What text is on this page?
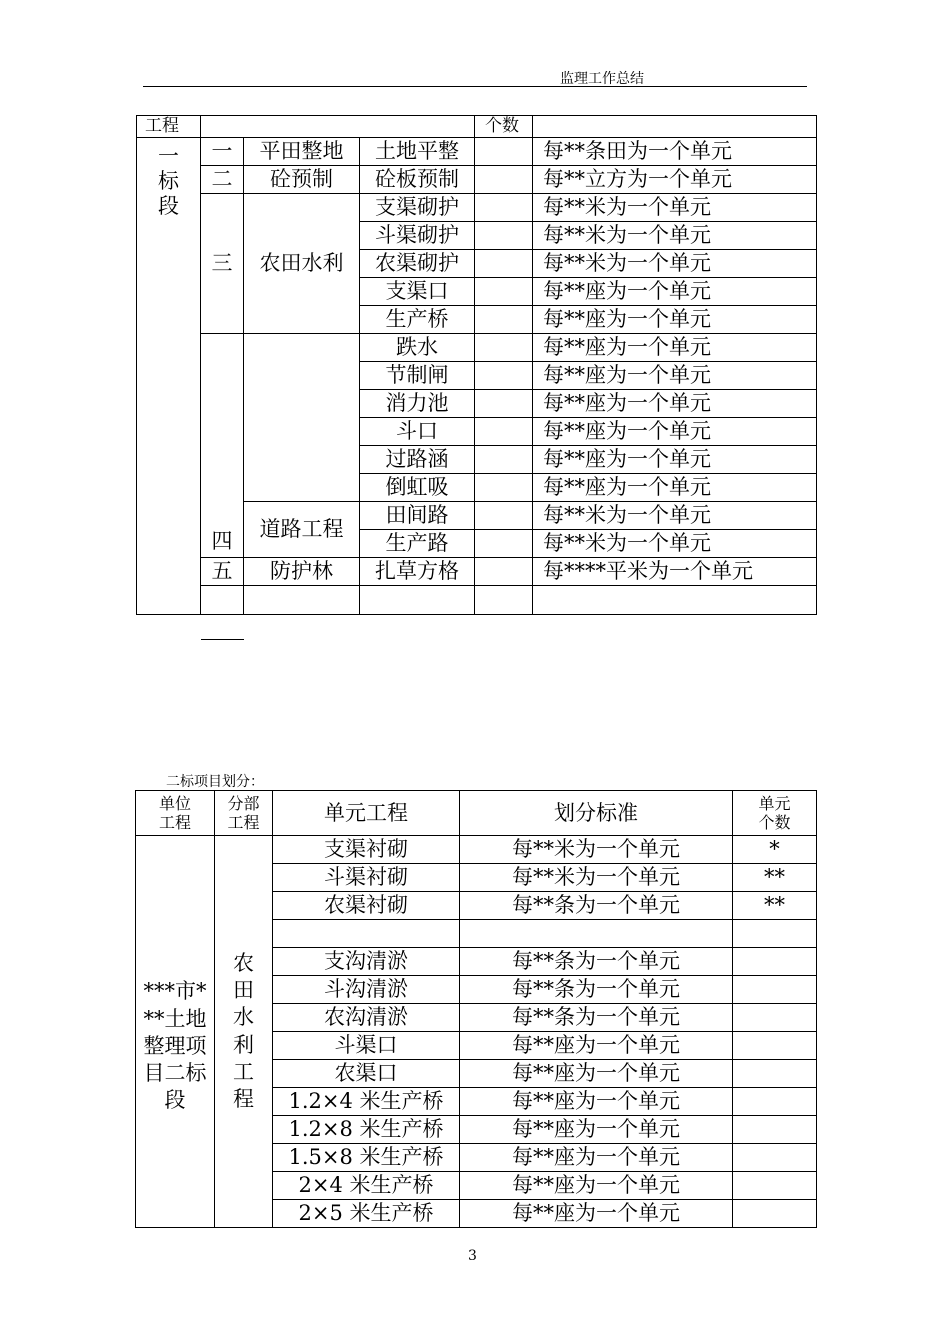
监理工作总结
工程				个数	
一标段	一	平田整地	土地平整		每**条田为一个单元
	二	砼预制	砼板预制		每**立方为一个单元
	三	农田水利	支渠砌护		每**米为一个单元
			斗渠砌护		每**米为一个单元
			农渠砌护		每**米为一个单元
			支渠口		每**座为一个单元
			生产桥		每**座为一个单元
	四		跌水		每**座为一个单元
			节制闸		每**座为一个单元
			消力池		每**座为一个单元
			斗口		每**座为一个单元
			过路涵		每**座为一个单元
			倒虹吸		每**座为一个单元
		道路工程	田间路		每**米为一个单元
			生产路		每**米为一个单元
	五	防护林	扎草方格		每****平米为一个单元

二标项目划分：
单位工程	分部工程	单元工程	划分标准	单元个数
***市***土地整理项目二标段	农田水利工程	支渠衬砌	每**米为一个单元	*
		斗渠衬砌	每**米为一个单元	**
		农渠衬砌	每**条为一个单元	**

		支沟清淤	每**条为一个单元	
		斗沟清淤	每**条为一个单元	
		农沟清淤	每**条为一个单元	
		斗渠口	每**座为一个单元	
		农渠口	每**座为一个单元	
		1.2×4 米生产桥	每**座为一个单元	
		1.2×8 米生产桥	每**座为一个单元	
		1.5×8 米生产桥	每**座为一个单元	
		2×4 米生产桥	每**座为一个单元	
		2×5 米生产桥	每**座为一个单元	
3
